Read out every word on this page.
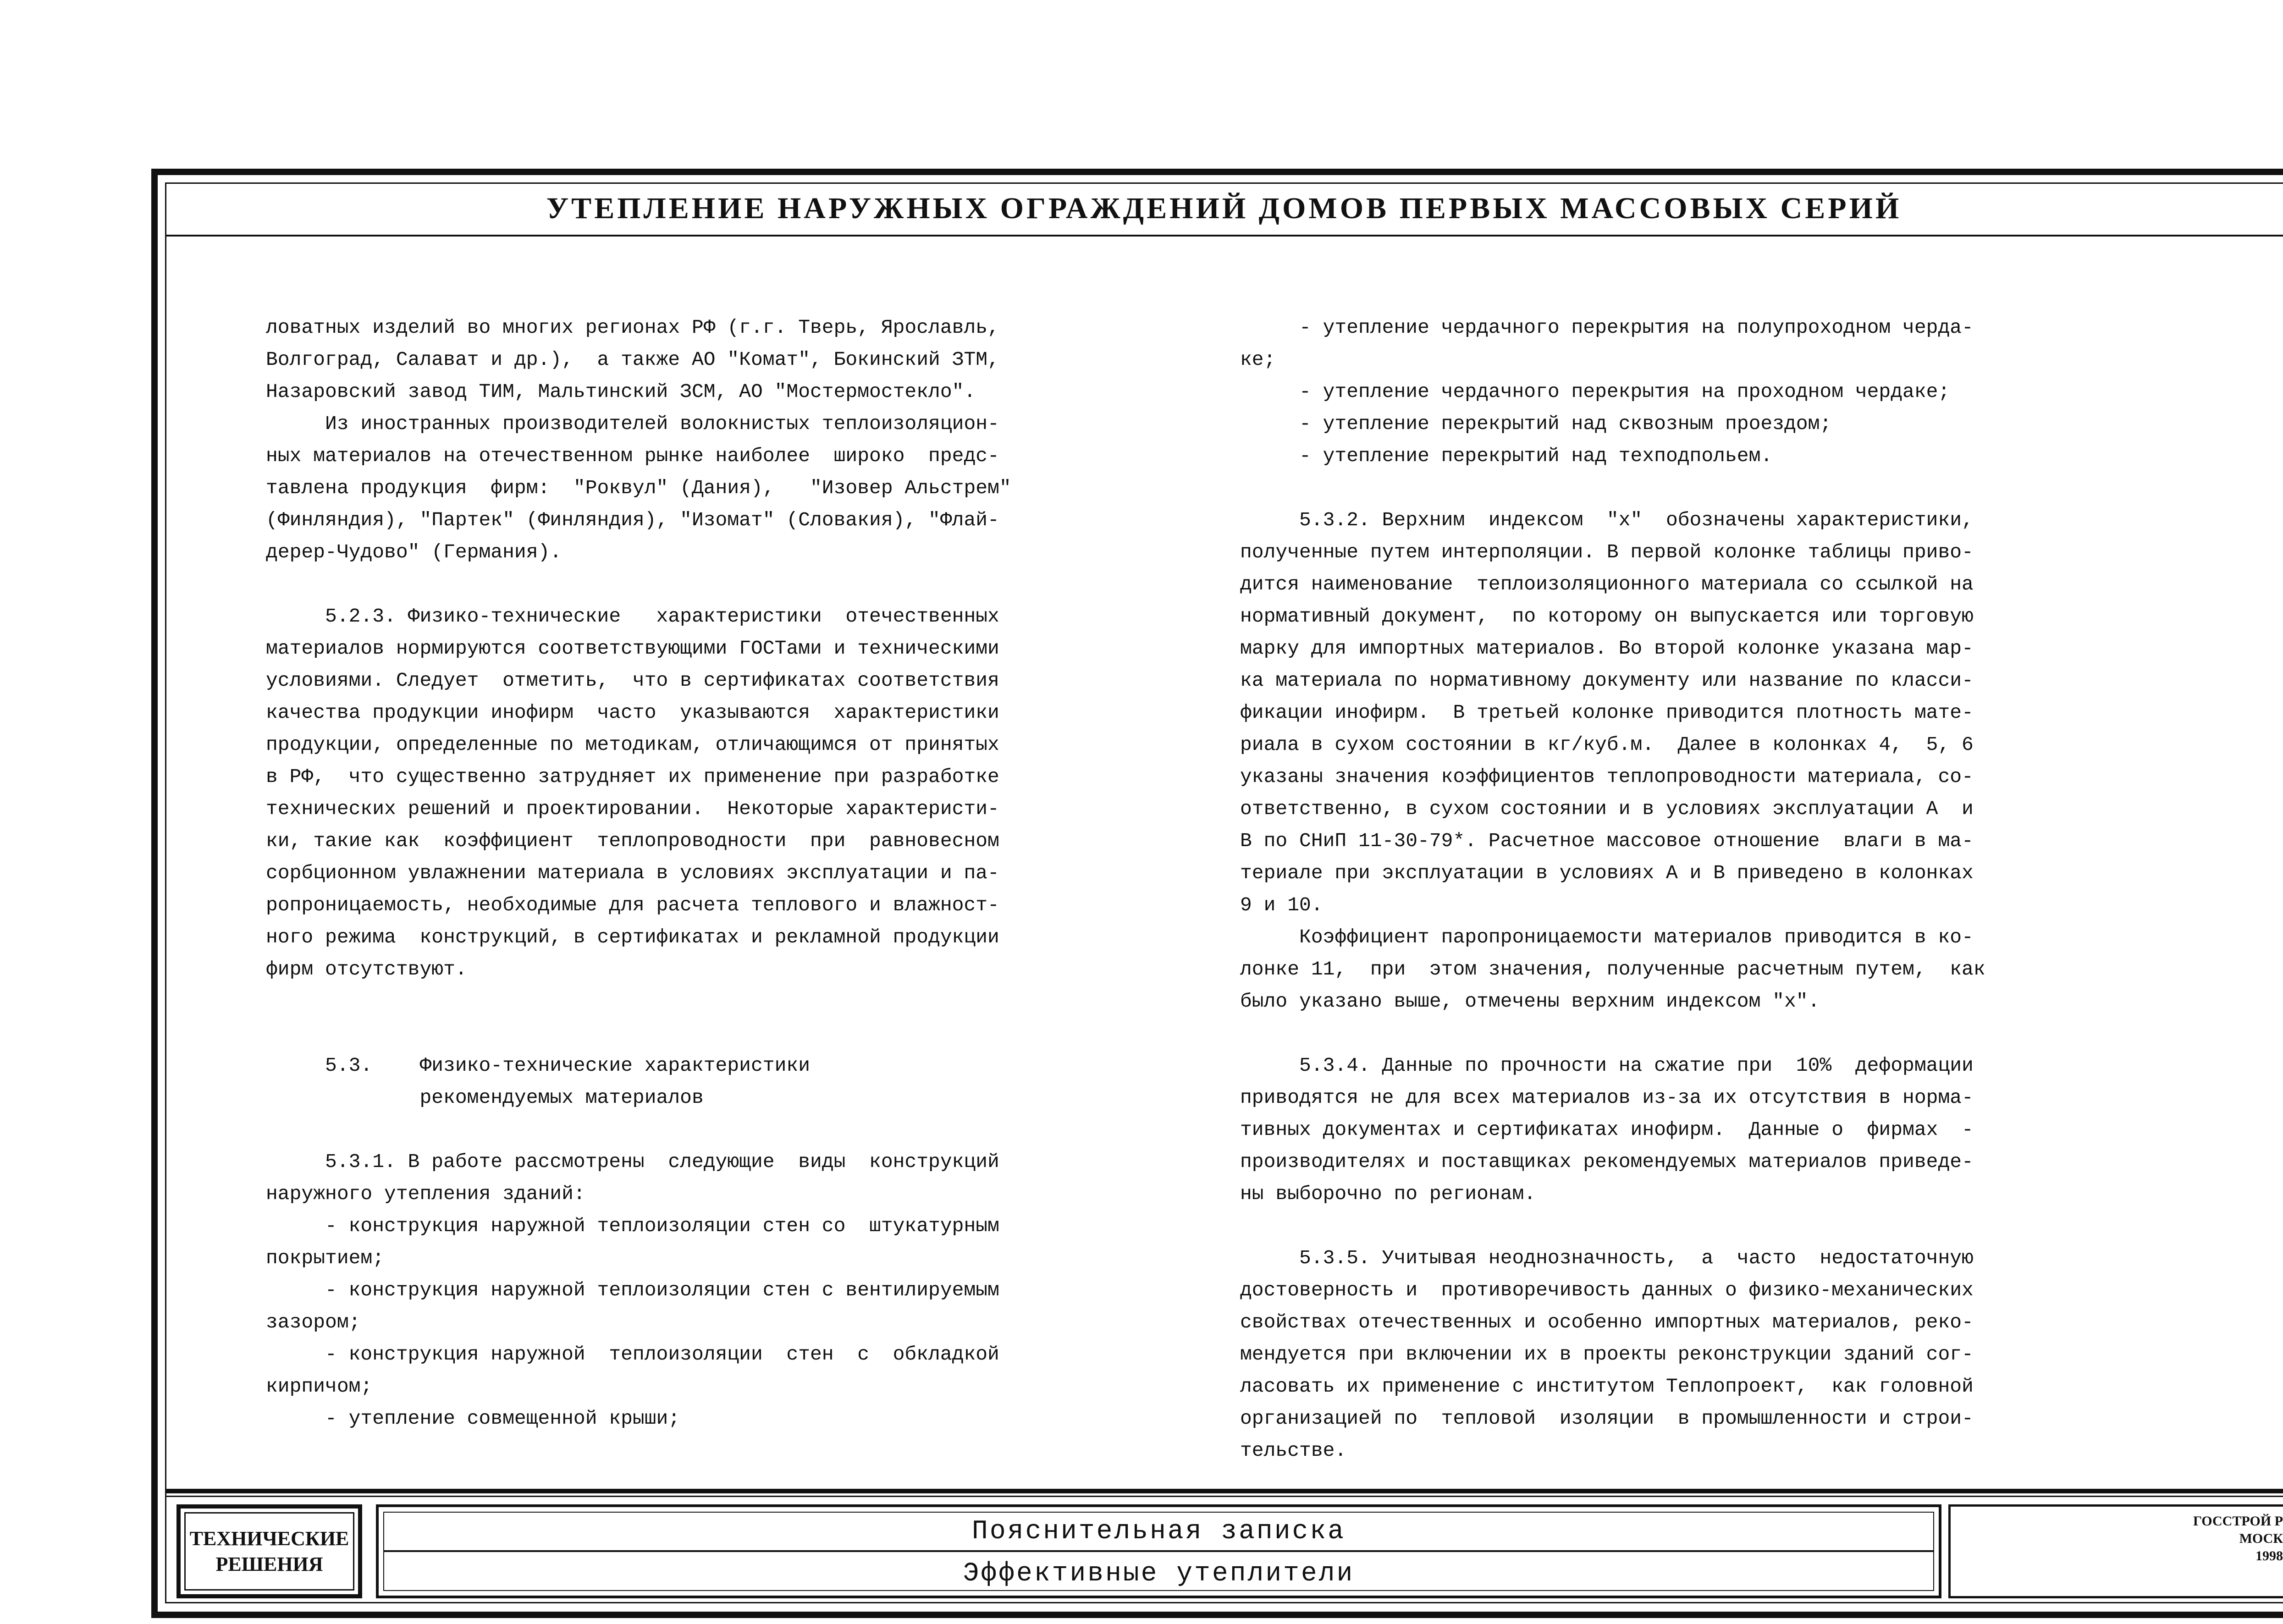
УТЕПЛЕНИЕ НАРУЖНЫХ ОГРАЖДЕНИЙ ДОМОВ ПЕРВЫХ МАССОВЫХ СЕРИЙ
ловатных изделий во многих регионах РФ (г.г. Тверь, Ярославль,
Волгоград, Салават и др.),  а также АО "Комат", Бокинский ЗТМ,
Назаровский завод ТИМ, Мальтинский ЗСМ, АО "Мостермостекло".
Из иностранных производителей волокнистых теплоизоляцион-
ных материалов на отечественном рынке наиболее  широко  предс-
тавлена продукция  фирм:  "Роквул" (Дания),   "Изовер Альстрем"
(Финляндия), "Партек" (Финляндия), "Изомат" (Словакия), "Флай-
дерер-Чудово" (Германия).

5.2.3. Физико-технические   характеристики  отечественных
материалов нормируются соответствующими ГОСТами и техническими
условиями. Следует  отметить,  что в сертификатах соответствия
качества продукции инофирм  часто  указываются  характеристики
продукции, определенные по методикам, отличающимся от принятых
в РФ,  что существенно затрудняет их применение при разработке
технических решений и проектировании.  Некоторые характеристи-
ки, такие как  коэффициент  теплопроводности  при  равновесном
сорбционном увлажнении материала в условиях эксплуатации и па-
ропроницаемость, необходимые для расчета теплового и влажност-
ного режима  конструкций, в сертификатах и рекламной продукции
фирм отсутствуют.

5.3.    Физико-технические характеристики
рекомендуемых материалов

5.3.1. В работе рассмотрены  следующие  виды  конструкций
наружного утепления зданий:
- конструкция наружной теплоизоляции стен со  штукатурным
покрытием;
- конструкция наружной теплоизоляции стен с вентилируемым
зазором;
- конструкция наружной  теплоизоляции  стен  с  обкладкой
кирпичом;
- утепление совмещенной крыши;
- утепление чердачного перекрытия на полупроходном черда-
ке;
- утепление чердачного перекрытия на проходном чердаке;
- утепление перекрытий над сквозным проездом;
- утепление перекрытий над техподпольем.

5.3.2. Верхним  индексом  "х"  обозначены характеристики,
полученные путем интерполяции. В первой колонке таблицы приво-
дится наименование  теплоизоляционного материала со ссылкой на
нормативный документ,  по которому он выпускается или торговую
марку для импортных материалов. Во второй колонке указана мар-
ка материала по нормативному документу или название по класси-
фикации инофирм.  В третьей колонке приводится плотность мате-
риала в сухом состоянии в кг/куб.м.  Далее в колонках 4,  5, 6
указаны значения коэффициентов теплопроводности материала, со-
ответственно, в сухом состоянии и в условиях эксплуатации А  и
В по СНиП 11-30-79*. Расчетное массовое отношение  влаги в ма-
териале при эксплуатации в условиях А и В приведено в колонках
9 и 10.
Коэффициент паропроницаемости материалов приводится в ко-
лонке 11,  при  этом значения, полученные расчетным путем,  как
было указано выше, отмечены верхним индексом "х".

5.3.4. Данные по прочности на сжатие при  10%  деформации
приводятся не для всех материалов из-за их отсутствия в норма-
тивных документах и сертификатах инофирм.  Данные о  фирмах  -
производителях и поставщиках рекомендуемых материалов приведе-
ны выборочно по регионам.

5.3.5. Учитывая неоднозначность,  а  часто  недостаточную
достоверность и  противоречивость данных о физико-механических
свойствах отечественных и особенно импортных материалов, реко-
мендуется при включении их в проекты реконструкции зданий сог-
ласовать их применение с институтом Теплопроект,  как головной
организацией по  тепловой  изоляции  в промышленности и строи-
тельстве.
ТЕХНИЧЕСКИЕ
РЕШЕНИЯ
Пояснительная записка
Эффективные утеплители
ГОССТРОЙ Р
МОСК
1998
